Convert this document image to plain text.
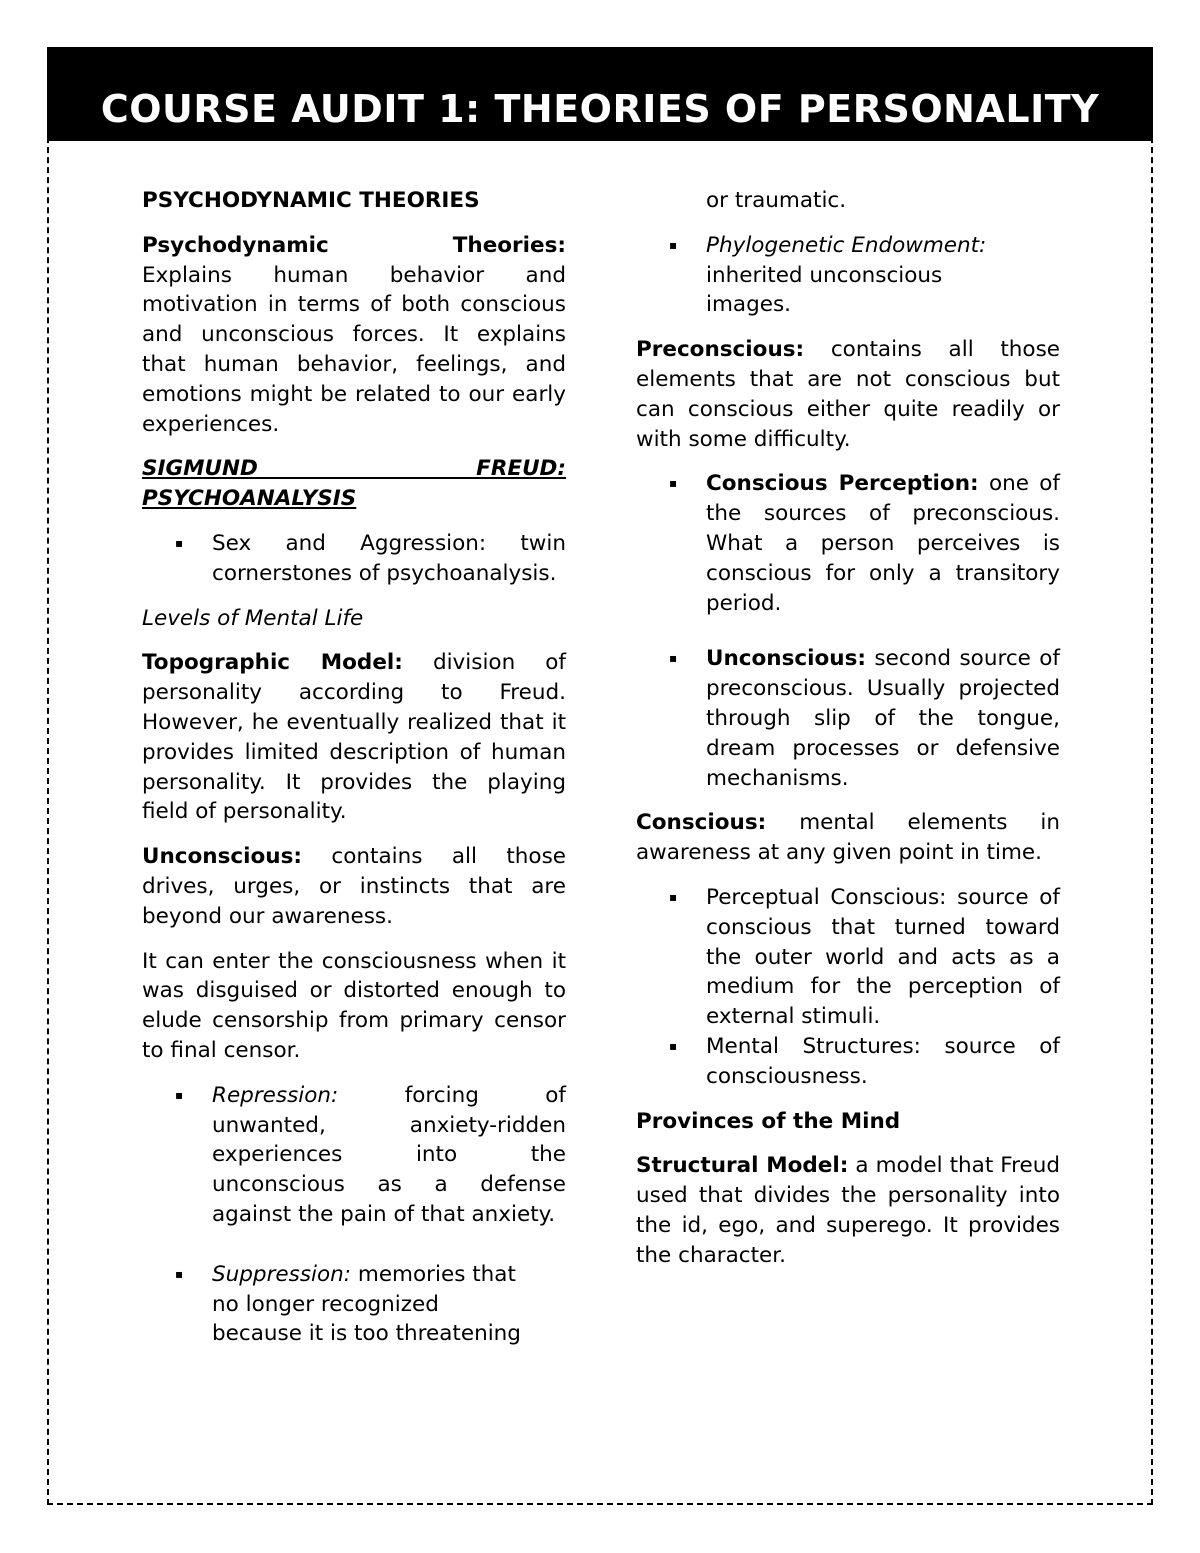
COURSE AUDIT 1: THEORIES OF PERSONALITY

PSYCHODYNAMIC THEORIES

Psychodynamic Theories:
Explains human behavior and motivation in terms of both conscious and unconscious forces. It explains that human behavior, feelings, and emotions might be related to our early experiences.

SIGMUND FREUD:
PSYCHOANALYSIS

▪ Sex and Aggression: twin cornerstones of psychoanalysis.

Levels of Mental Life

Topographic Model: division of personality according to Freud. However, he eventually realized that it provides limited description of human personality. It provides the playing field of personality.

Unconscious: contains all those drives, urges, or instincts that are beyond our awareness.

It can enter the consciousness when it was disguised or distorted enough to elude censorship from primary censor to final censor.

▪ Repression:	forcing of unwanted, anxiety-ridden experiences into the unconscious as a defense against the pain of that anxiety.
▪ Suppression: memories that
no longer recognized
because it is too threatening

or traumatic.

▪ Phylogenetic Endowment:
inherited unconscious
images.

Preconscious: contains all those elements that are not conscious but can conscious either quite readily or with some difficulty.

▪ Conscious Perception: one of the sources of preconscious. What a person perceives is conscious for only a transitory period.
▪ Unconscious: second source of preconscious. Usually projected through slip of the tongue, dream processes or defensive mechanisms.

Conscious: mental elements in awareness at any given point in time.

▪ Perceptual Conscious: source of conscious that turned toward the outer world and acts as a medium for the perception of external stimuli.
▪ Mental Structures: source of consciousness.

Provinces of the Mind

Structural Model: a model that Freud used that divides the personality into the id, ego, and superego. It provides the character.
